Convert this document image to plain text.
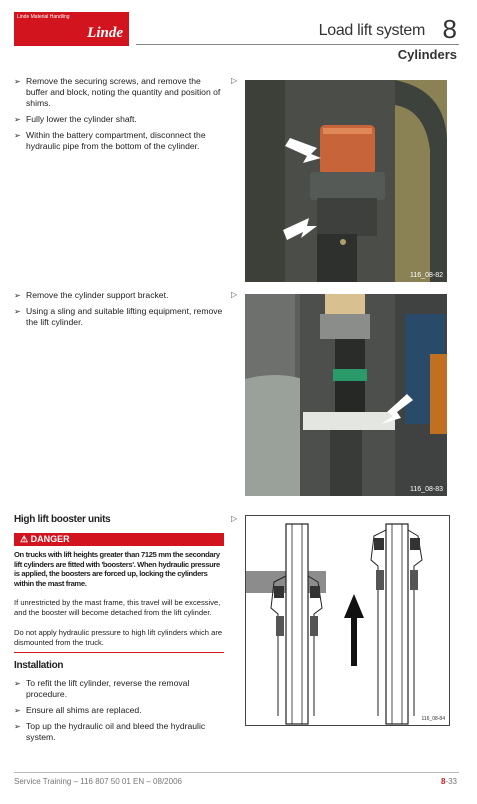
Linde Material Handling
Linde	Load lift system 8
Cylinders
➢ Remove the securing screws, and remove the buffer and block, noting the quantity and position of shims.
➢ Fully lower the cylinder shaft.
➢ Within the battery compartment, disconnect the hydraulic pipe from the bottom of the cylinder.
▷
116_08-82
➢ Remove the cylinder support bracket.
➢ Using a sling and suitable lifting equipment, remove the lift cylinder.
▷
116_08-83
High lift booster units	▷
⚠ DANGER

On trucks with lift heights greater than 7125 mm the secondary lift cylinders are fitted with 'boosters'. When hydraulic pressure is applied, the boosters are forced up, locking the cylinders within the mast frame.

If unrestricted by the mast frame, this travel will be excessive, and the booster will become detached from the lift cylinder.

Do not apply hydraulic pressure to high lift cylinders which are dismounted from the truck.

Installation
➢ To refit the lift cylinder, reverse the removal procedure.
➢ Ensure all shims are replaced.
➢ Top up the hydraulic oil and bleed the hydraulic system.
116_08-84
Service Training – 116 807 50 01 EN – 08/2006	8-33
